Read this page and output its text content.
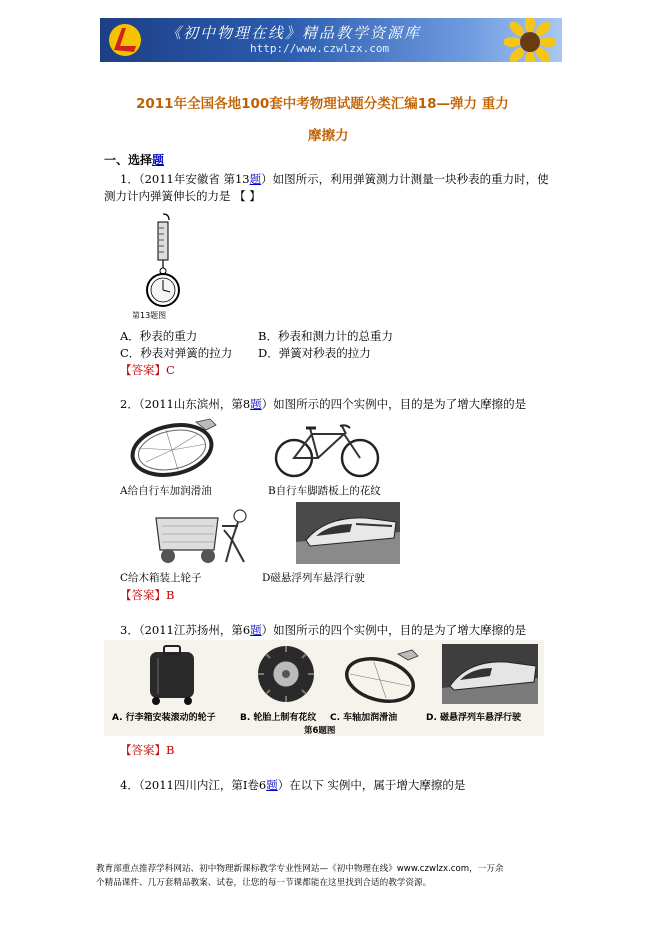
《初中物理在线》精品教学资源库
http://www.czwlzx.com
2011年全国各地100套中考物理试题分类汇编18—弹力 重力
摩擦力
一、选择题
1．（2011年安徽省 第13题）如图所示，利用弹簧测力计测量一块秒表的重力时，使
测力计内弹簧伸长的力是 【 】
第13题图
A．秒表的重力	B．秒表和测力计的总重力
C．秒表对弹簧的拉力 D．弹簧对秒表的拉力
【答案】C
2．（2011山东滨州，第8题）如图所示的四个实例中，目的是为了增大摩擦的是
A给自行车加润滑油	B自行车脚踏板上的花纹
C给木箱装上轮子	D磁悬浮列车悬浮行驶
【答案】B
3．（2011江苏扬州，第6题）如图所示的四个实例中，目的是为了增大摩擦的是
A. 行李箱安装滚动的轮子	B. 轮胎上制有花纹 C. 车轴加润滑油	D. 磁悬浮列车悬浮行驶
第6题图
【答案】B
4．（2011四川内江，第Ⅰ卷6题）在以下 实例中，属于增大摩擦的是
教育部重点推荐学科网站、初中物理新课标教学专业性网站—《初中物理在线》www.czwlzx.com，一万余
个精品课件、几万套精品教案、试卷，让您的每一节课都能在这里找到合适的教学资源。
